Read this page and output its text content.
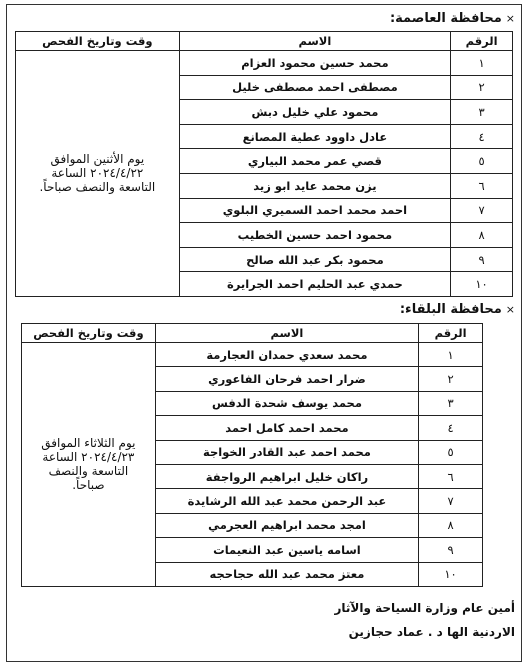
×
محافظة العاصمة:
الرقم	الاسم	وقت وتاريخ الفحص
١	محمد حسين محمود العزام	يوم الأثنين الموافق
٢٠٢٤/٤/٢٢ الساعة
التاسعة والنصف صباحاً.

٢	مصطفى احمد مصطفى خليل	
٣	محمود علي خليل دبش	
٤	عادل داوود عطية المصانع	
٥	قصي عمر محمد البياري	
٦	يزن محمد عايد ابو زيد	
٧	احمد محمد احمد السميري البلوي	
٨	محمود احمد حسين الخطيب	
٩	محمود بكر عبد الله صالح	
١٠	حمدي عبد الحليم احمد الجرايرة	
×
محافظة البلقاء:
الرقم	الاسم	وقت وتاريخ الفحص
١	محمد سعدي حمدان العجارمة	يوم الثلاثاء الموافق
٢٠٢٤/٤/٢٣ الساعة
التاسعة والنصف
صباحاً.

٢	ضرار احمد فرحان الفاعوري	
٣	محمد يوسف شحدة الدفس	
٤	محمد احمد كامل احمد	
٥	محمد احمد عبد القادر الخواجة	
٦	راكان خليل ابراهيم الرواجفة	
٧	عبد الرحمن محمد عبد الله الرشايدة	
٨	امجد محمد ابراهيم العجرمي	
٩	اسامه ياسين عبد النعيمات	
١٠	معتز محمد عبد الله حجاحجه	
أمين عام وزارة السياحة والآثار
الاردنية الها د . عماد حجازين
